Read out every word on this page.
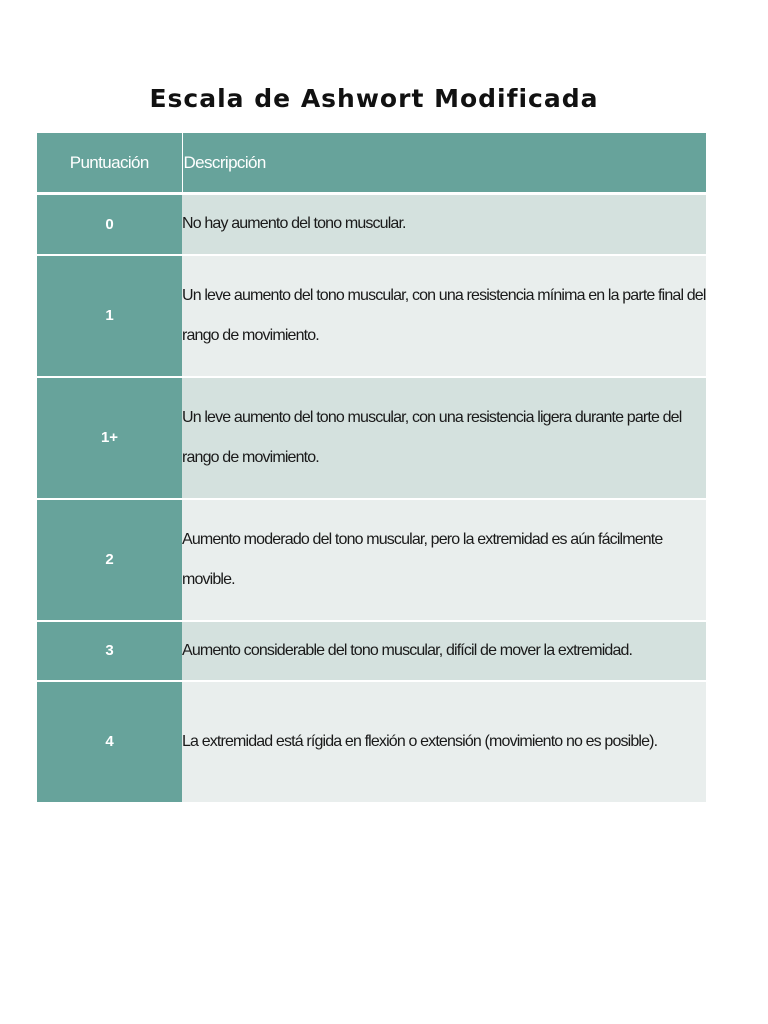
Escala de Ashwort Modificada
Puntuación	Descripción
0	No hay aumento del tono muscular.
1	Un leve aumento del tono muscular, con una resistencia mínima en la parte final del rango de movimiento.
1+	Un leve aumento del tono muscular, con una resistencia ligera durante parte del rango de movimiento.
2	Aumento moderado del tono muscular, pero la extremidad es aún fácilmente movible.
3	Aumento considerable del tono muscular, difícil de mover la extremidad.
4	La extremidad está rígida en flexión o extensión (movimiento no es posible).
